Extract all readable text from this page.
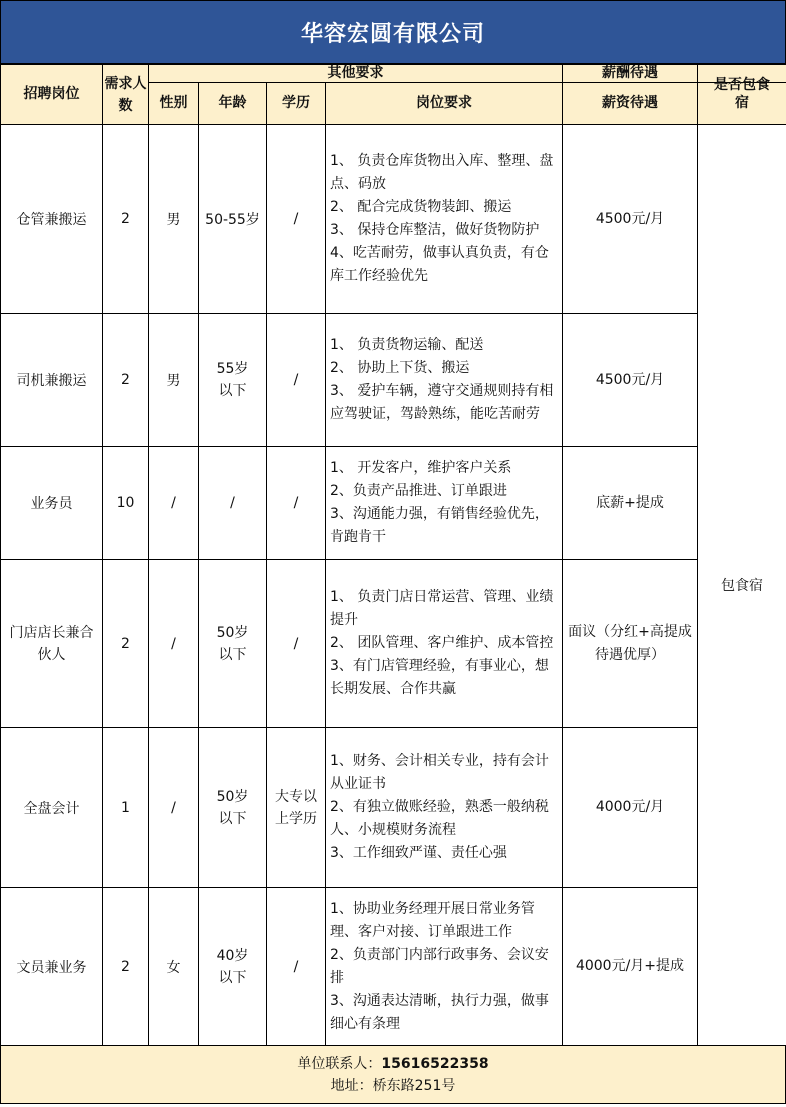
华容宏圆有限公司
招聘岗位	需求人数	其他要求				薪酬待遇	
		性别	年龄	学历	岗位要求	薪资待遇	是否包食宿

仓管兼搬运	2	男	50-55岁	/	1、 负责仓库货物出入库、整理、盘点、码放
2、 配合完成货物装卸、搬运
3、 保持仓库整洁，做好货物防护
4、吃苦耐劳，做事认真负责，有仓库工作经验优先	4500元/月	包食宿
司机兼搬运	2	男	55岁以下	/	1、 负责货物运输、配送
2、 协助上下货、搬运
3、 爱护车辆，遵守交通规则持有相应驾驶证，驾龄熟练，能吃苦耐劳	4500元/月	
业务员	10	/	/	/	1、 开发客户，维护客户关系
2、负责产品推进、订单跟进
3、沟通能力强，有销售经验优先，肯跑肯干	底薪+提成	

门店店长兼合伙人	2	/	50岁以下	/	1、 负责门店日常运营、管理、业绩提升
2、 团队管理、客户维护、成本管控
3、有门店管理经验，有事业心，想长期发展、合作共赢	面议（分红+高提成待遇优厚）	

全盘会计	1	/	50岁以下	大专以上学历	1、财务、会计相关专业，持有会计从业证书
2、有独立做账经验，熟悉一般纳税人、小规模财务流程
3、工作细致严谨、责任心强	4000元/月	
文员兼业务	2	女	40岁以下	/	1、协助业务经理开展日常业务管理、客户对接、订单跟进工作
2、负责部门内部行政事务、会议安排
3、沟通表达清晰，执行力强，做事细心有条理	4000元/月+提成	
单位联系人：15616522358
地址：桥东路251号
